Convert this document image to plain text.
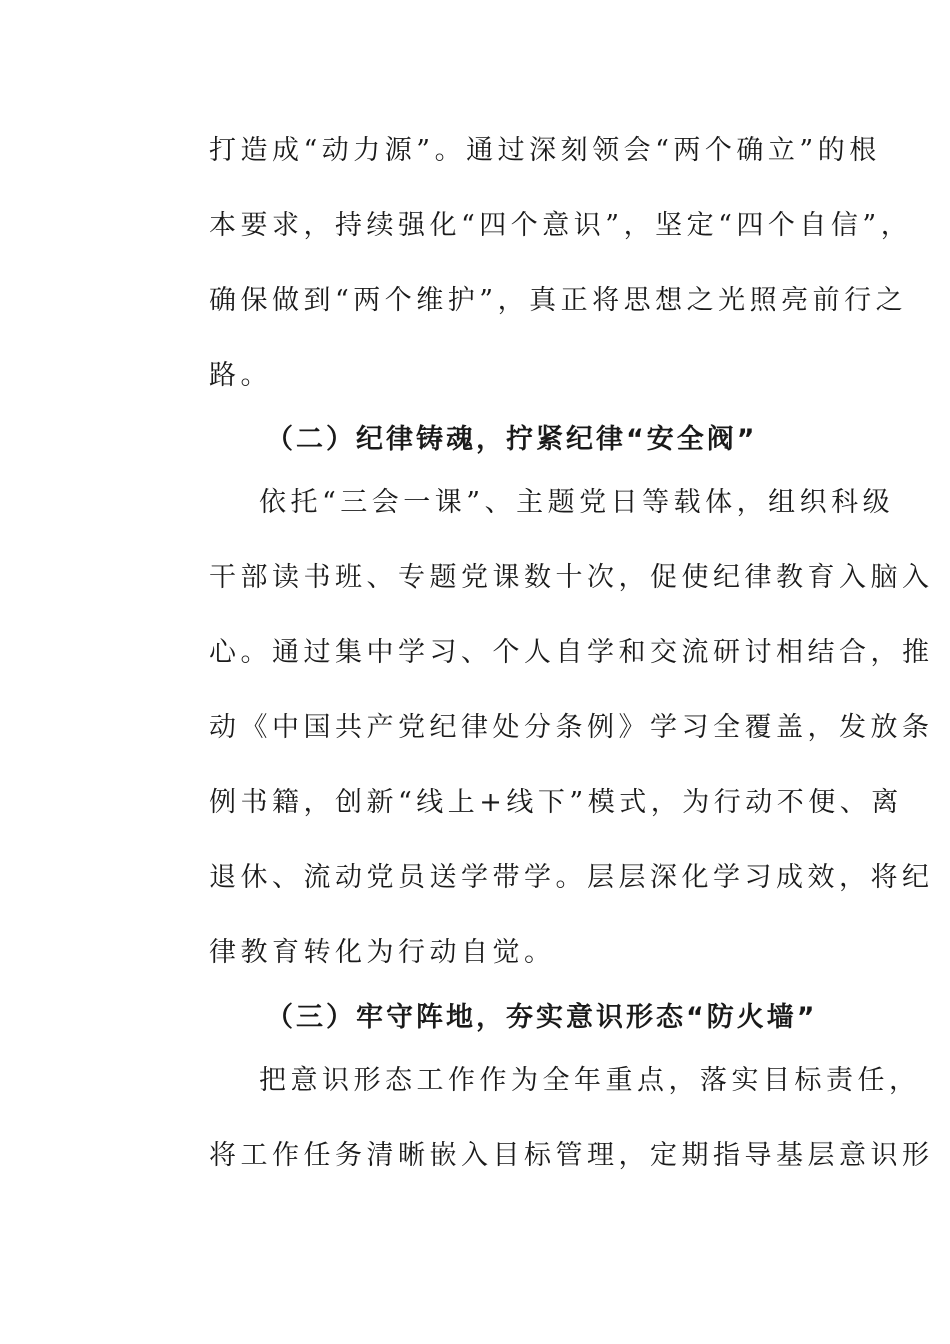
打造成“动力源”。通过深刻领会“两个确立”的根
本要求，持续强化“四个意识”，坚定“四个自信”，
确保做到“两个维护”，真正将思想之光照亮前行之
路。
（二）纪律铸魂，拧紧纪律“安全阀”
依托“三会一课”、主题党日等载体，组织科级
干部读书班、专题党课数十次，促使纪律教育入脑入
心。通过集中学习、个人自学和交流研讨相结合，推
动《中国共产党纪律处分条例》学习全覆盖，发放条
例书籍，创新“线上+线下”模式，为行动不便、离
退休、流动党员送学带学。层层深化学习成效，将纪
律教育转化为行动自觉。
（三）牢守阵地，夯实意识形态“防火墙”
把意识形态工作作为全年重点，落实目标责任，
将工作任务清晰嵌入目标管理，定期指导基层意识形
